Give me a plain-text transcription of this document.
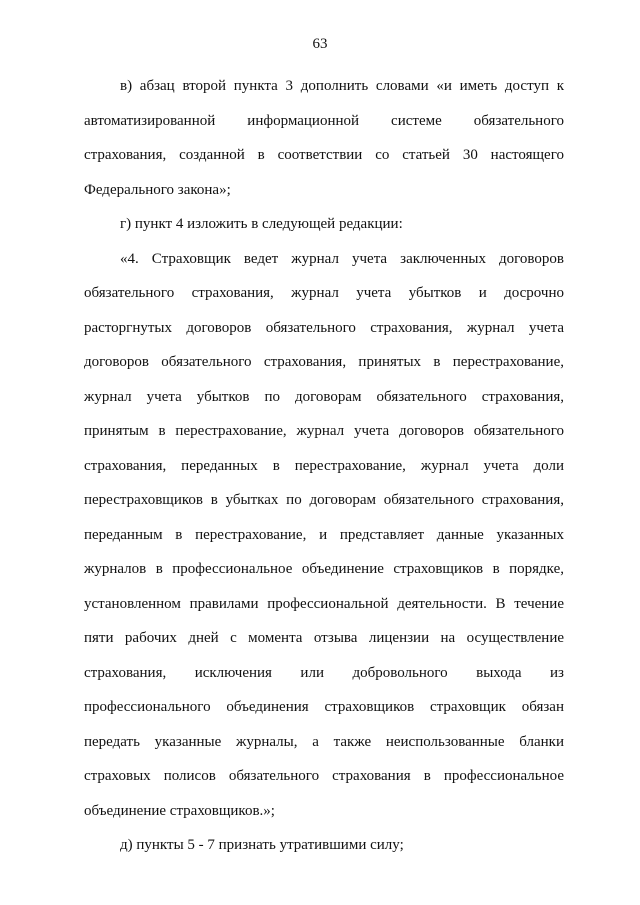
63

в) абзац второй пункта 3 дополнить словами «и иметь доступ к автоматизированной информационной системе обязательного страхования, созданной в соответствии со статьей 30 настоящего Федерального закона»;

г) пункт 4 изложить в следующей редакции:

«4. Страховщик ведет журнал учета заключенных договоров обязательного страхования, журнал учета убытков и досрочно расторгнутых договоров обязательного страхования, журнал учета договоров обязательного страхования, принятых в перестрахование, журнал учета убытков по договорам обязательного страхования, принятым в перестрахование, журнал учета договоров обязательного страхования, переданных в перестрахование, журнал учета доли перестраховщиков в убытках по договорам обязательного страхования, переданным в перестрахование, и представляет данные указанных журналов в профессиональное объединение страховщиков в порядке, установленном правилами профессиональной деятельности. В течение пяти рабочих дней с момента отзыва лицензии на осуществление страхования, исключения или добровольного выхода из профессионального объединения страховщиков страховщик обязан передать указанные журналы, а также неиспользованные бланки страховых полисов обязательного страхования в профессиональное объединение страховщиков.»;

д) пункты 5 - 7 признать утратившими силу;
